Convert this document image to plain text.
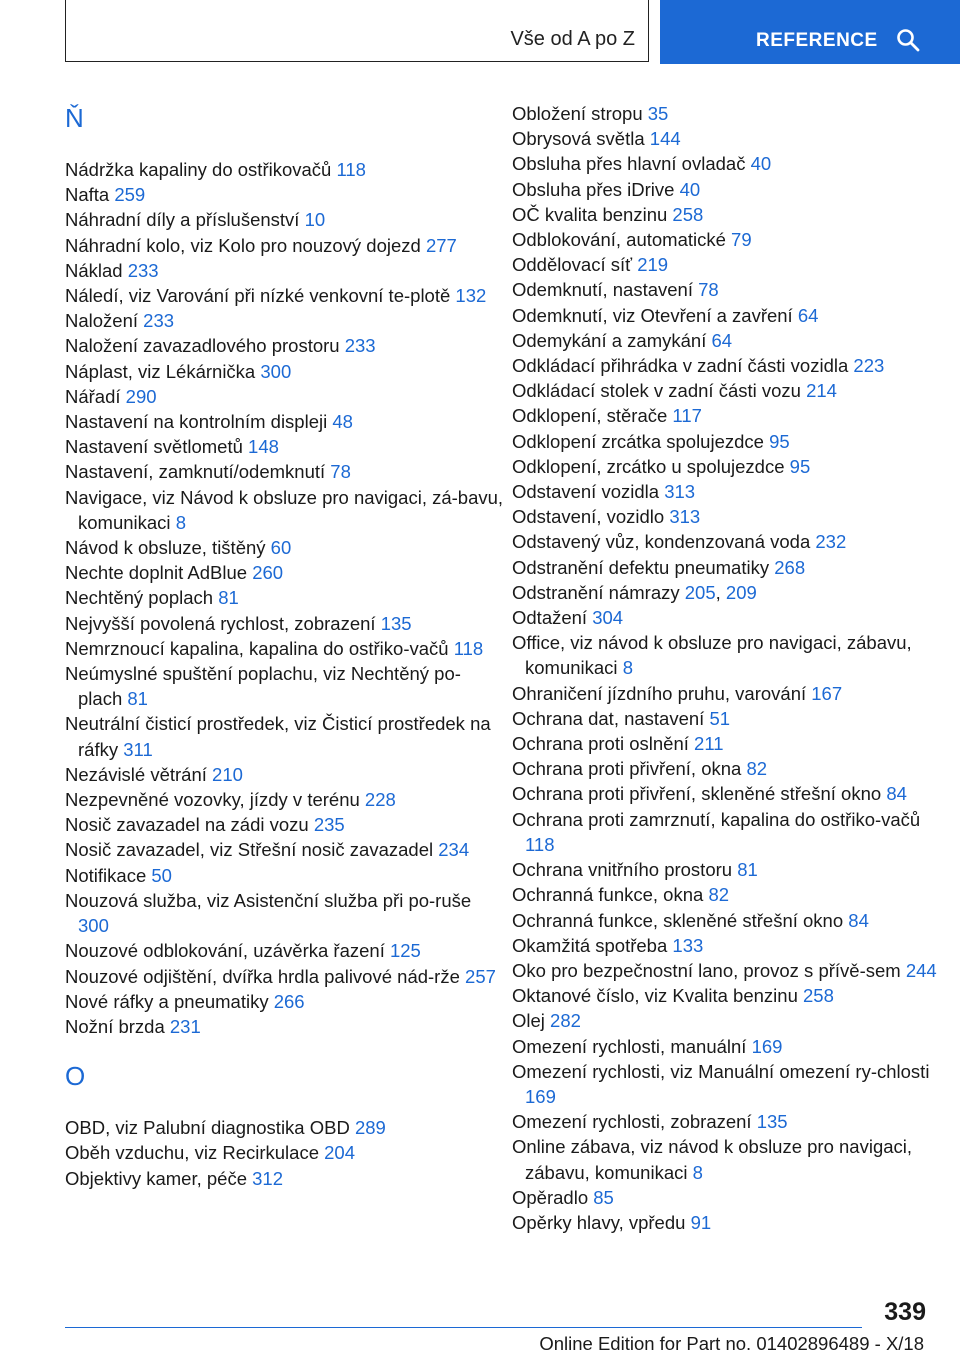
Vše od A po Z	REFERENCE
Ň
Nádržka kapaliny do ostřikovačů 118
Nafta 259
Náhradní díly a příslušenství 10
Náhradní kolo, viz Kolo pro nouzový dojezd 277
Náklad 233
Náledí, viz Varování při nízké venkovní te-plotě 132
Naložení 233
Naložení zavazadlového prostoru 233
Náplast, viz Lékárnička 300
Nářadí 290
Nastavení na kontrolním displeji 48
Nastavení světlometů 148
Nastavení, zamknutí/odemknutí 78
Navigace, viz Návod k obsluze pro navigaci, zá-bavu, komunikaci 8
Návod k obsluze, tištěný 60
Nechte doplnit AdBlue 260
Nechtěný poplach 81
Nejvyšší povolená rychlost, zobrazení 135
Nemrznoucí kapalina, kapalina do ostřiko-vačů 118
Neúmyslné spuštění poplachu, viz Nechtěný po-plach 81
Neutrální čisticí prostředek, viz Čisticí prostředek na ráfky 311
Nezávislé větrání 210
Nezpevněné vozovky, jízdy v terénu 228
Nosič zavazadel na zádi vozu 235
Nosič zavazadel, viz Střešní nosič zavazadel 234
Notifikace 50
Nouzová služba, viz Asistenční služba při po-ruše 300
Nouzové odblokování, uzávěrka řazení 125
Nouzové odjištění, dvířka hrdla palivové nád-rže 257
Nové ráfky a pneumatiky 266
Nožní brzda 231
O
OBD, viz Palubní diagnostika OBD 289
Oběh vzduchu, viz Recirkulace 204
Objektivy kamer, péče 312
Obložení stropu 35
Obrysová světla 144
Obsluha přes hlavní ovladač 40
Obsluha přes iDrive 40
OČ kvalita benzinu 258
Odblokování, automatické 79
Oddělovací síť 219
Odemknutí, nastavení 78
Odemknutí, viz Otevření a zavření 64
Odemykání a zamykání 64
Odkládací přihrádka v zadní části vozidla 223
Odkládací stolek v zadní části vozu 214
Odklopení, stěrače 117
Odklopení zrcátka spolujezdce 95
Odklopení, zrcátko u spolujezdce 95
Odstavení vozidla 313
Odstavení, vozidlo 313
Odstavený vůz, kondenzovaná voda 232
Odstranění defektu pneumatiky 268
Odstranění námrazy 205, 209
Odtažení 304
Office, viz návod k obsluze pro navigaci, zábavu, komunikaci 8
Ohraničení jízdního pruhu, varování 167
Ochrana dat, nastavení 51
Ochrana proti oslnění 211
Ochrana proti přivření, okna 82
Ochrana proti přivření, skleněné střešní okno 84
Ochrana proti zamrznutí, kapalina do ostřiko-vačů 118
Ochrana vnitřního prostoru 81
Ochranná funkce, okna 82
Ochranná funkce, skleněné střešní okno 84
Okamžitá spotřeba 133
Oko pro bezpečnostní lano, provoz s přívě-sem 244
Oktanové číslo, viz Kvalita benzinu 258
Olej 282
Omezení rychlosti, manuální 169
Omezení rychlosti, viz Manuální omezení ry-chlosti 169
Omezení rychlosti, zobrazení 135
Online zábava, viz návod k obsluze pro navigaci, zábavu, komunikaci 8
Opěradlo 85
Opěrky hlavy, vpředu 91
339
Online Edition for Part no. 01402896489 - X/18
